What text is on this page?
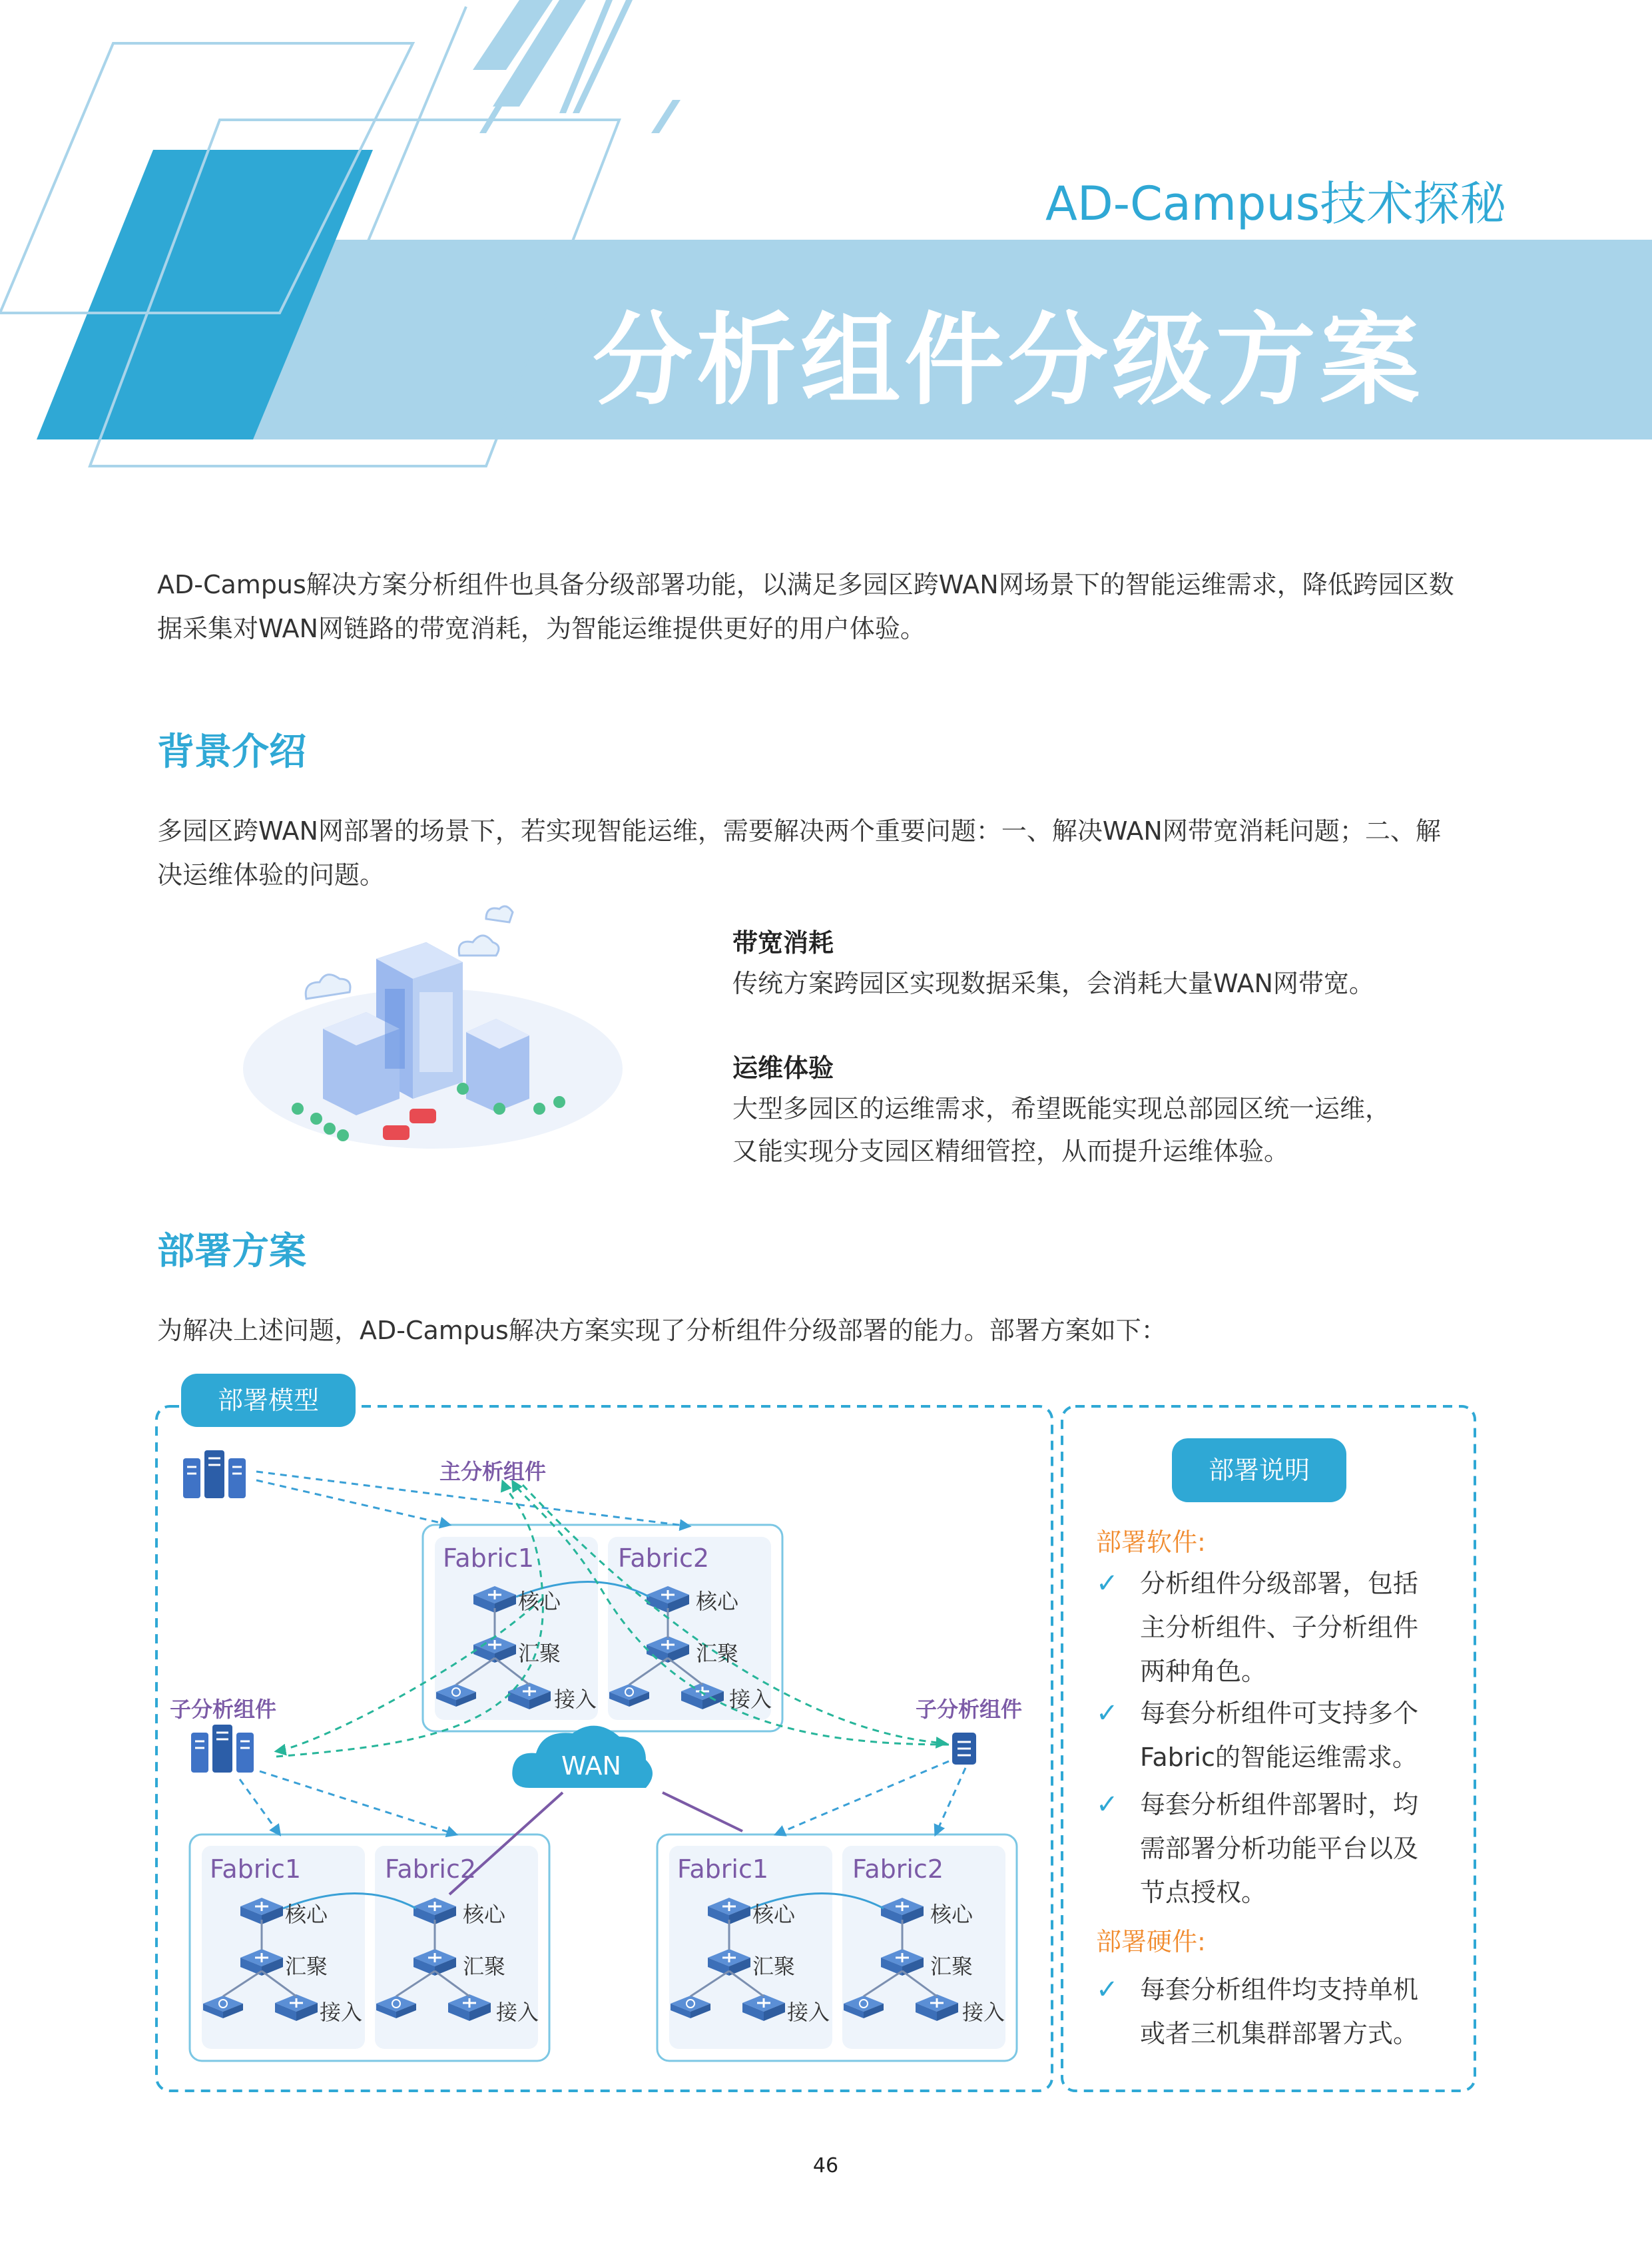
AD-Campus技术探秘
分析组件分级方案
AD-Campus解决方案分析组件也具备分级部署功能，以满足多园区跨WAN网场景下的智能运维需求，降低跨园区数
据采集对WAN网链路的带宽消耗，为智能运维提供更好的用户体验。
背景介绍
多园区跨WAN网部署的场景下，若实现智能运维，需要解决两个重要问题：一、解决WAN网带宽消耗问题；二、解
决运维体验的问题。
带宽消耗
传统方案跨园区实现数据采集，会消耗大量WAN网带宽。
运维体验
大型多园区的运维需求，希望既能实现总部园区统一运维，
又能实现分支园区精细管控，从而提升运维体验。
部署方案
为解决上述问题，AD-Campus解决方案实现了分析组件分级部署的能力。部署方案如下：
部署模型
主分析组件
子分析组件	子分析组件
WAN
Fabric1	Fabric2
核心	核心
汇聚	汇聚
接入	接入
Fabric1	Fabric2
核心	核心
汇聚	汇聚
接入	接入
Fabric1	Fabric2
核心	核心
汇聚	汇聚
接入	接入
部署说明
部署软件:
✓ 分析组件分级部署，包括
主分析组件、子分析组件
两种角色。
✓ 每套分析组件可支持多个
Fabric的智能运维需求。
✓ 每套分析组件部署时，均
需部署分析功能平台以及
节点授权。
部署硬件:
✓ 每套分析组件均支持单机
或者三机集群部署方式。
46
